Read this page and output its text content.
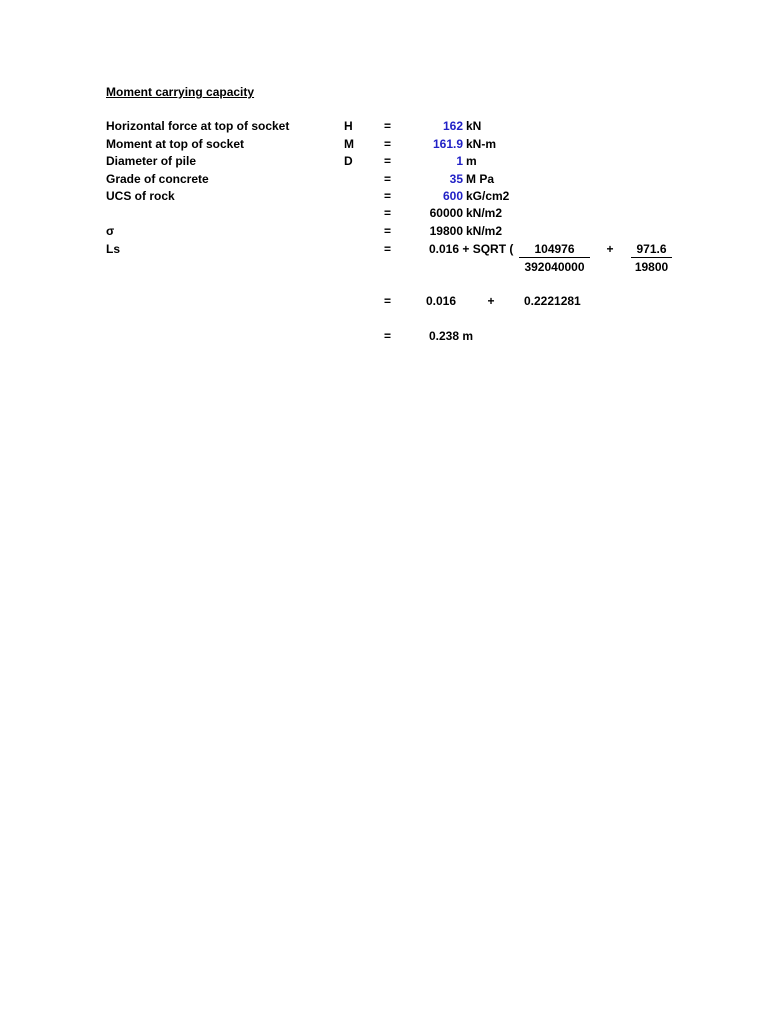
Moment carrying capacity
Horizontal force at top of socket	H	=	162 kN
Moment at top of socket	M	=	161.9 kN-m
Diameter of pile	D	=	1 m
Grade of concrete	=	35 M Pa
UCS of rock	=	600 kG/cm2
=	60000 kN/m2
σ	=	19800 kN/m2
Ls	=	0.016 + SQRT (	104976
392040000
+	971.6
19800
=	0.016	+ 0.2221281
=	0.238 m
